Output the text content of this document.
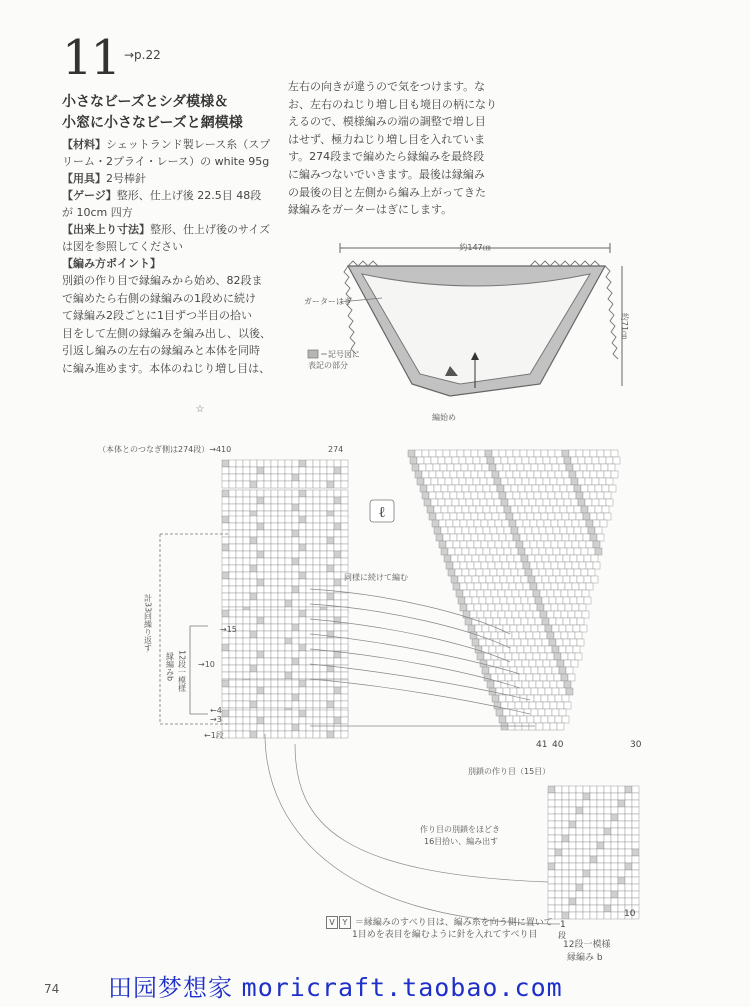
11 →p.22
小さなビーズとシダ模様＆
小窓に小さなビーズと網模様
【材料】シェットランド製レース糸（スプ
リーム・2プライ・レース）の white 95g
【用具】2号棒針
【ゲージ】整形、仕上げ後 22.5目 48段
が 10cm 四方
【出来上り寸法】整形、仕上げ後のサイズ
は図を参照してください
【編み方ポイント】
別鎖の作り目で縁編みから始め、82段ま
で編めたら右側の縁編みの1段めに続け
て縁編み2段ごとに1目ずつ半目の拾い
目をして左側の縁編みを編み出し、以後、
引返し編みの左右の縁編みと本体を同時
に編み進めます。本体のねじり増し目は、
左右の向きが違うので気をつけます。な
お、左右のねじり増し目も境目の柄になり
えるので、模様編みの端の調整で増し目
はせず、極力ねじり増し目を入れていま
す。274段まで編めたら縁編みを最終段
に編みつないでいきます。最後は縁編み
の最後の目と左側から編み上がってきた
縁編みをガーターはぎにします。
約147㎝
約71㎝
ガーターはぎ
＝記号図に
表記の部分
編始め
☆
（本体とのつなぎ側は274段）→410	274
→15
→10
←4
→3
←1段
計33回繰り返す
12段一模様
縁編みb
ℓ
同様に続けて編む
41 40	30
別鎖の作り目（15目）
作り目の別鎖をほどき
16目拾い、編み出す
10
1
段
12段一模様
縁編み b
V Y ＝縁編みのすべり目は、編み糸を向う側に置いて
1目めを表目を編むように針を入れてすべり目
74 田园梦想家 moricraft.taobao.com
